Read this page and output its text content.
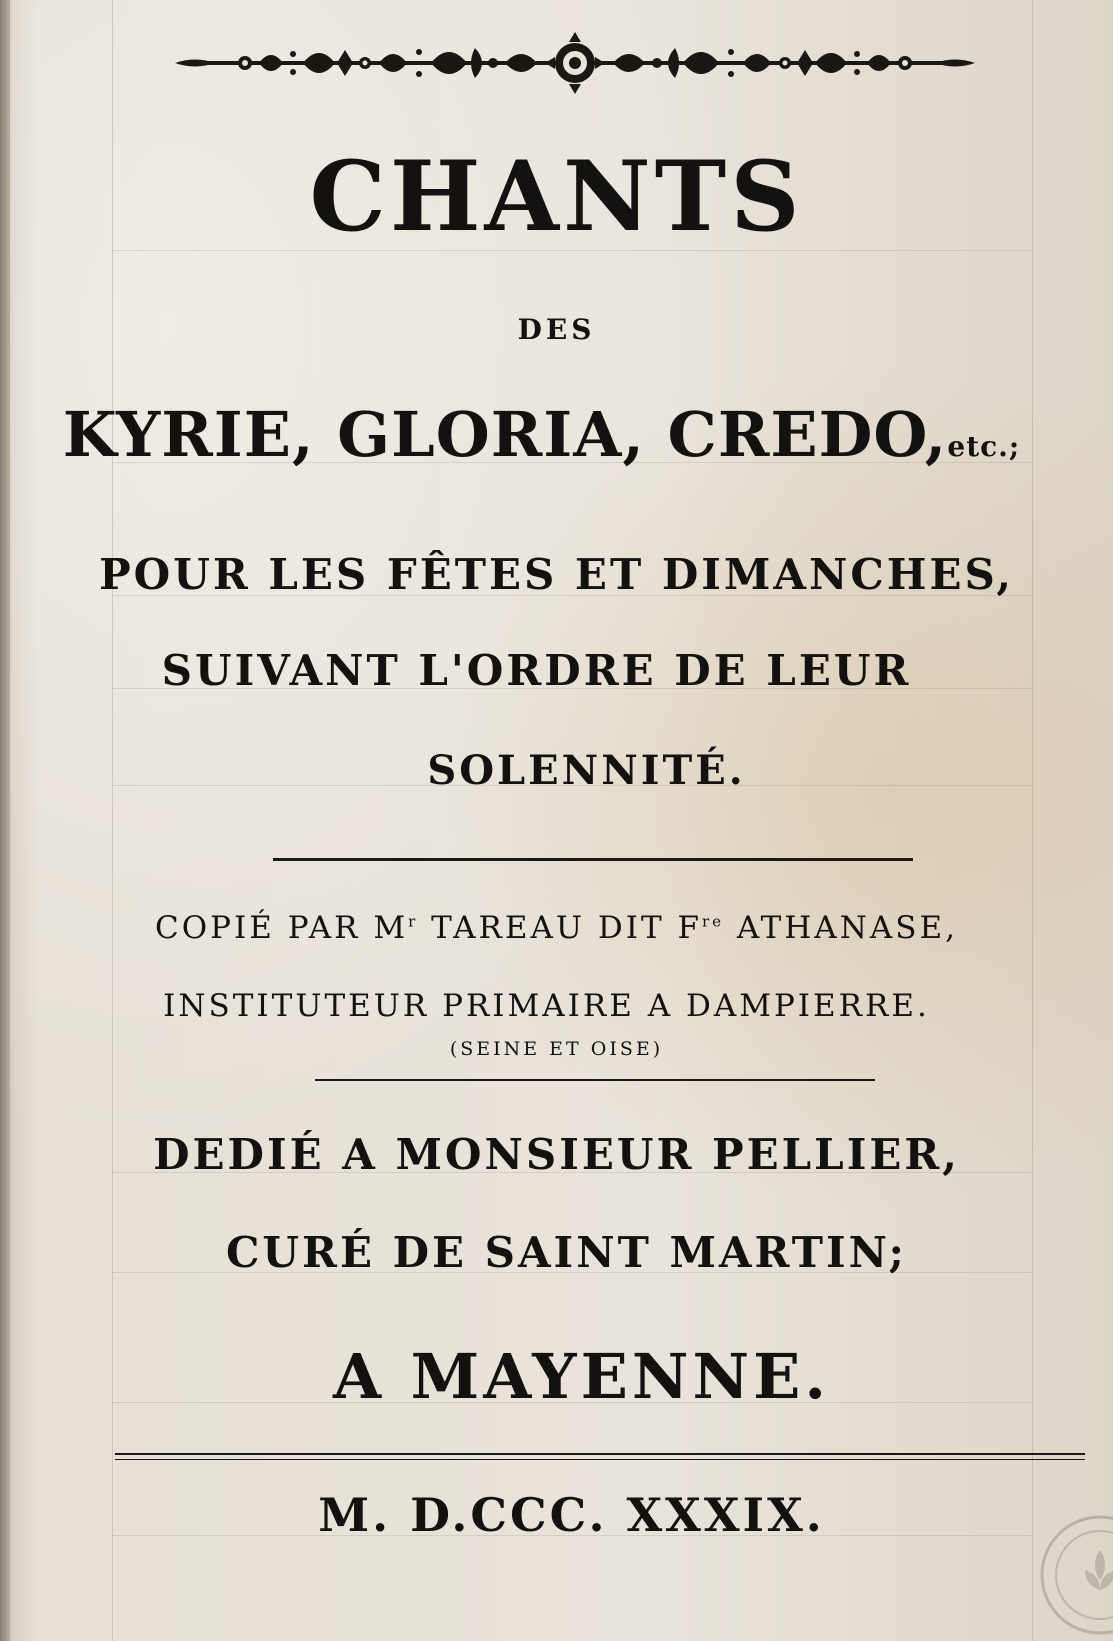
CHANTS
DES
KYRIE, GLORIA, CREDO,etc.;
POUR LES FÊTES ET DIMANCHES,
SUIVANT L'ORDRE DE LEUR
SOLENNITÉ.
COPIÉ PAR $M^r$ TAREAU DIT $F^{re}$ ATHANASE,
INSTITUTEUR PRIMAIRE A DAMPIERRE.
(SEINE ET OISE)
DEDIÉ A MONSIEUR PELLIER,
CURÉ DE SAINT MARTIN;
A MAYENNE.
M. D.CCC. XXXIX.
